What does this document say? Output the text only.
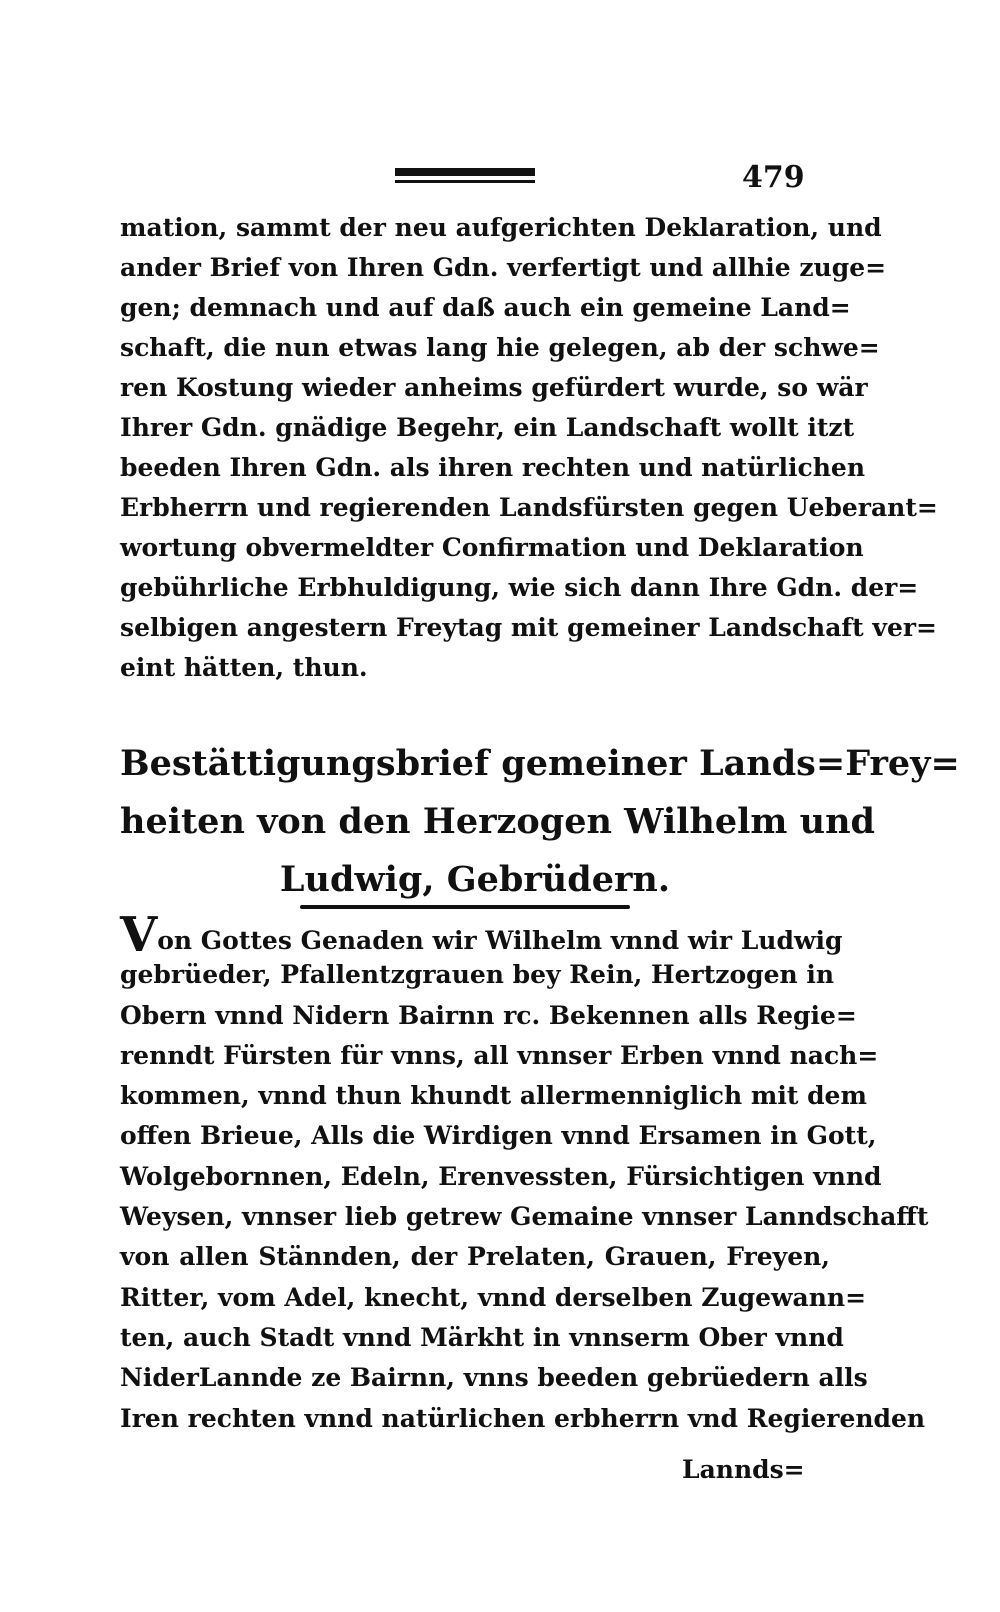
479
mation, sammt der neu aufgerichten Deklaration, und
ander Brief von Ihren Gdn. verfertigt und allhie zuge=
gen; demnach und auf daß auch ein gemeine Land=
schaft, die nun etwas lang hie gelegen, ab der schwe=
ren Kostung wieder anheims gefürdert wurde, so wär
Ihrer Gdn. gnädige Begehr, ein Landschaft wollt itzt
beeden Ihren Gdn. als ihren rechten und natürlichen
Erbherrn und regierenden Landsfürsten gegen Ueberant=
wortung obvermeldter Confirmation und Deklaration
gebührliche Erbhuldigung, wie sich dann Ihre Gdn. der=
selbigen angestern Freytag mit gemeiner Landschaft ver=
eint hätten, thun.
Bestättigungsbrief gemeiner Lands=Frey=
heiten von den Herzogen Wilhelm und
Ludwig, Gebrüdern.
Von Gottes Genaden wir Wilhelm vnnd wir Ludwig
gebrüeder, Pfallentzgrauen bey Rein, Hertzogen in
Obern vnnd Nidern Bairnn rc. Bekennen alls Regie=
renndt Fürsten für vnns, all vnnser Erben vnnd nach=
kommen, vnnd thun khundt allermenniglich mit dem
offen Brieue, Alls die Wirdigen vnnd Ersamen in Gott,
Wolgebornnen, Edeln, Erenvessten, Fürsichtigen vnnd
Weysen, vnnser lieb getrew Gemaine vnnser Lanndschafft
von allen Stännden, der Prelaten, Grauen, Freyen,
Ritter, vom Adel, knecht, vnnd derselben Zugewann=
ten, auch Stadt vnnd Märkht in vnnserm Ober vnnd
NiderLannde ze Bairnn, vnns beeden gebrüedern alls
Iren rechten vnnd natürlichen erbherrn vnd Regierenden
Lannds=
